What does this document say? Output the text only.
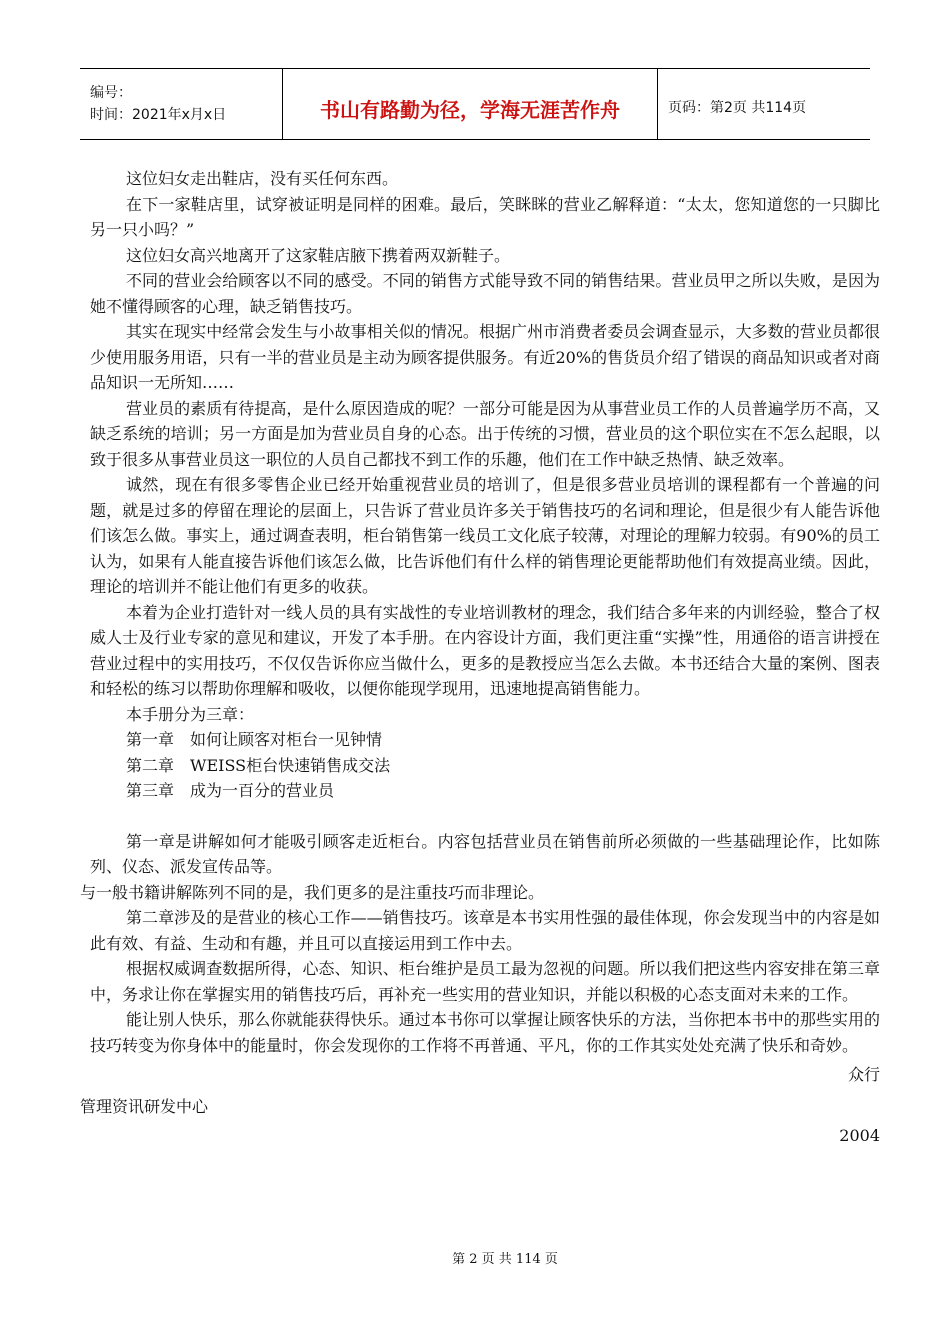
编号：
时间：2021年x月x日	书山有路勤为径，学海无涯苦作舟	页码：第2页 共114页

这位妇女走出鞋店，没有买任何东西。

在下一家鞋店里，试穿被证明是同样的困难。最后，笑眯眯的营业乙解释道：“太太，您知道您的一只脚比另一只小吗？”

这位妇女高兴地离开了这家鞋店腋下携着两双新鞋子。

不同的营业会给顾客以不同的感受。不同的销售方式能导致不同的销售结果。营业员甲之所以失败，是因为她不懂得顾客的心理，缺乏销售技巧。

其实在现实中经常会发生与小故事相关似的情况。根据广州市消费者委员会调查显示，大多数的营业员都很少使用服务用语，只有一半的营业员是主动为顾客提供服务。有近20%的售货员介绍了错误的商品知识或者对商品知识一无所知……

营业员的素质有待提高，是什么原因造成的呢？一部分可能是因为从事营业员工作的人员普遍学历不高，又缺乏系统的培训；另一方面是加为营业员自身的心态。出于传统的习惯，营业员的这个职位实在不怎么起眼，以致于很多从事营业员这一职位的人员自己都找不到工作的乐趣，他们在工作中缺乏热情、缺乏效率。

诚然，现在有很多零售企业已经开始重视营业员的培训了，但是很多营业员培训的课程都有一个普遍的问题，就是过多的停留在理论的层面上，只告诉了营业员许多关于销售技巧的名词和理论，但是很少有人能告诉他们该怎么做。事实上，通过调查表明，柜台销售第一线员工文化底子较薄，对理论的理解力较弱。有90%的员工认为，如果有人能直接告诉他们该怎么做，比告诉他们有什么样的销售理论更能帮助他们有效提高业绩。因此，理论的培训并不能让他们有更多的收获。

本着为企业打造针对一线人员的具有实战性的专业培训教材的理念，我们结合多年来的内训经验，整合了权威人士及行业专家的意见和建议，开发了本手册。在内容设计方面，我们更注重“实操”性，用通俗的语言讲授在营业过程中的实用技巧，不仅仅告诉你应当做什么，更多的是教授应当怎么去做。本书还结合大量的案例、图表和轻松的练习以帮助你理解和吸收，以便你能现学现用，迅速地提高销售能力。

本手册分为三章：

第一章　如何让顾客对柜台一见钟情

第二章　WEISS柜台快速销售成交法

第三章　成为一百分的营业员

第一章是讲解如何才能吸引顾客走近柜台。内容包括营业员在销售前所必须做的一些基础理论作，比如陈列、仪态、派发宣传品等。

与一般书籍讲解陈列不同的是，我们更多的是注重技巧而非理论。

第二章涉及的是营业的核心工作——销售技巧。该章是本书实用性强的最佳体现，你会发现当中的内容是如此有效、有益、生动和有趣，并且可以直接运用到工作中去。

根据权威调查数据所得，心态、知识、柜台维护是员工最为忽视的问题。所以我们把这些内容安排在第三章中，务求让你在掌握实用的销售技巧后，再补充一些实用的营业知识，并能以积极的心态支面对未来的工作。

能让别人快乐，那么你就能获得快乐。通过本书你可以掌握让顾客快乐的方法，当你把本书中的那些实用的技巧转变为你身体中的能量时，你会发现你的工作将不再普通、平凡，你的工作其实处处充满了快乐和奇妙。

众行

管理资讯研发中心

2004

第 2 页 共 114 页
